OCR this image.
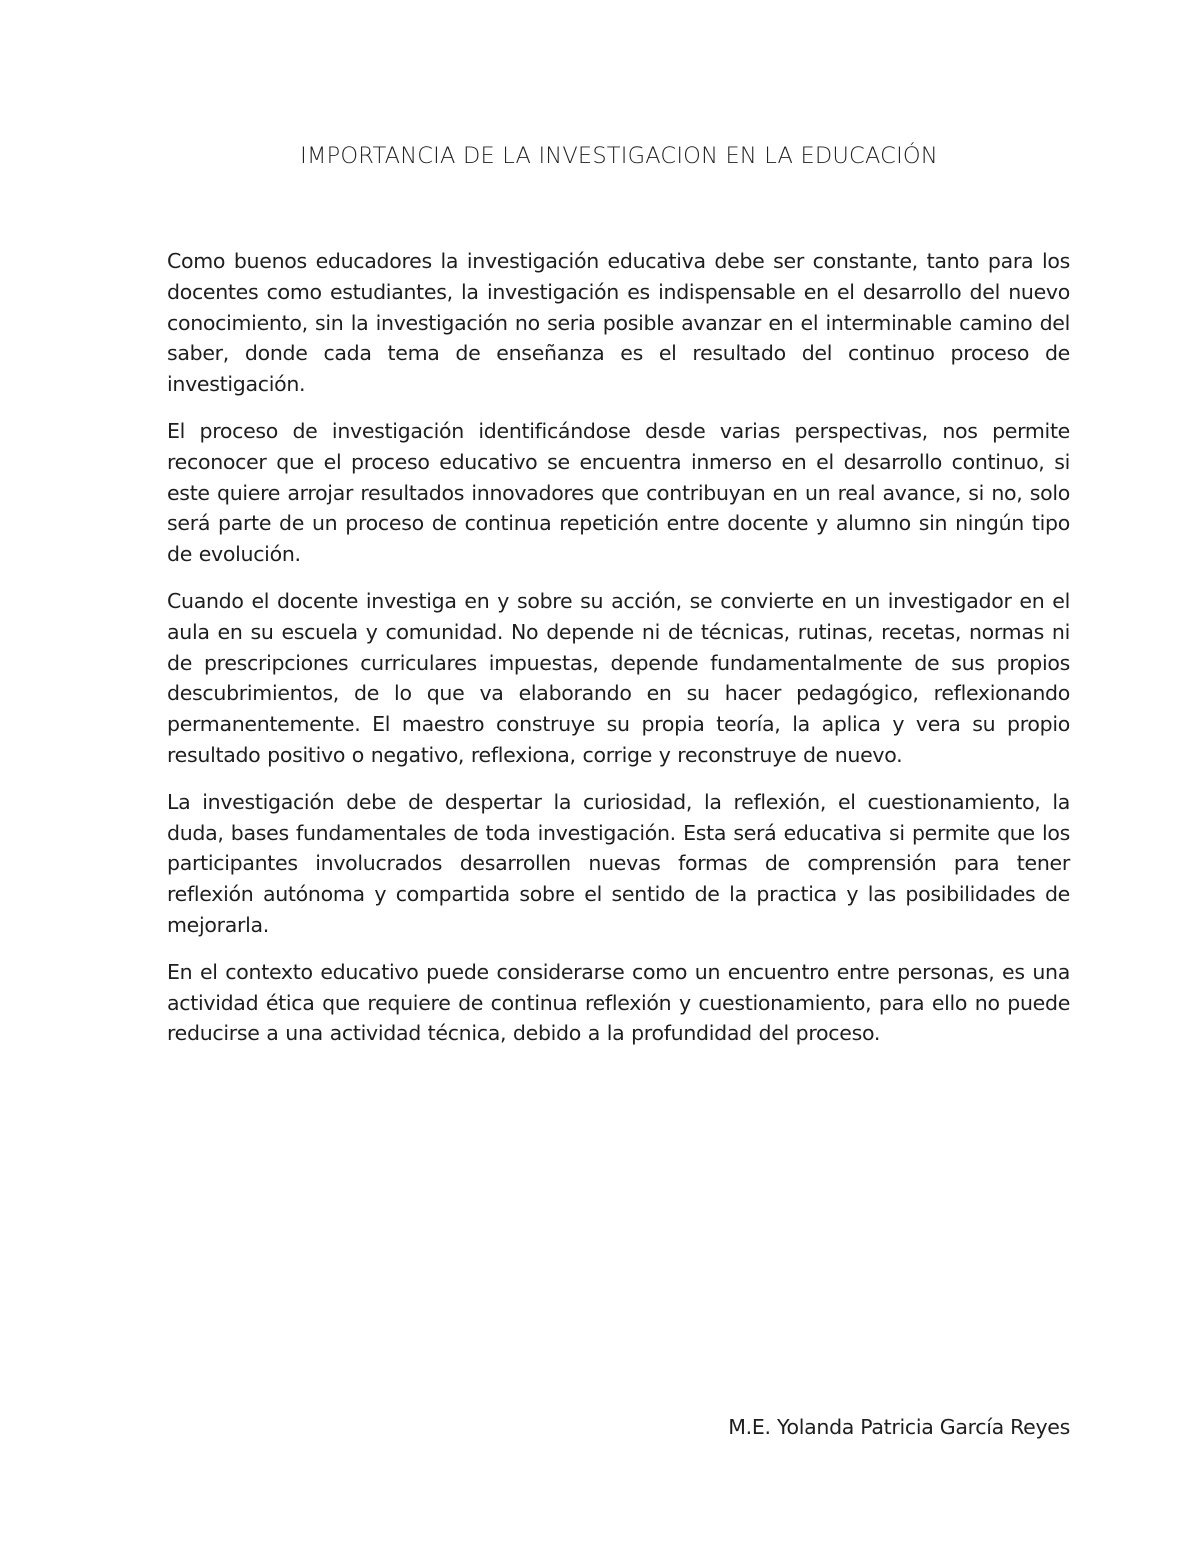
IMPORTANCIA DE LA INVESTIGACION EN LA EDUCACIÓN

Como buenos educadores la investigación educativa debe ser constante, tanto para los docentes como estudiantes, la investigación es indispensable en el desarrollo del nuevo conocimiento, sin la investigación no seria posible avanzar en el interminable camino del saber, donde cada tema de enseñanza es el resultado del continuo proceso de investigación.

El proceso de investigación identificándose desde varias perspectivas, nos permite reconocer que el proceso educativo se encuentra inmerso en el desarrollo continuo, si este quiere arrojar resultados innovadores que contribuyan en un real avance, si no, solo será parte de un proceso de continua repetición entre docente y alumno sin ningún tipo de evolución.

Cuando el docente investiga en y sobre su acción, se convierte en un investigador en el aula en su escuela y comunidad. No depende ni de técnicas, rutinas, recetas, normas ni de prescripciones curriculares impuestas, depende fundamentalmente de sus propios descubrimientos, de lo que va elaborando en su hacer pedagógico, reflexionando permanentemente. El maestro construye su propia teoría, la aplica y vera su propio resultado positivo o negativo, reflexiona, corrige y reconstruye de nuevo.

La investigación debe de despertar la curiosidad, la reflexión, el cuestionamiento, la duda, bases fundamentales de toda investigación. Esta será educativa si permite que los participantes involucrados desarrollen nuevas formas de comprensión para tener reflexión autónoma y compartida sobre el sentido de la practica y las posibilidades de mejorarla.

En el contexto educativo puede considerarse como un encuentro entre personas, es una actividad ética que requiere de continua reflexión y cuestionamiento, para ello no puede reducirse a una actividad técnica, debido a la profundidad del proceso.

M.E. Yolanda Patricia García Reyes
